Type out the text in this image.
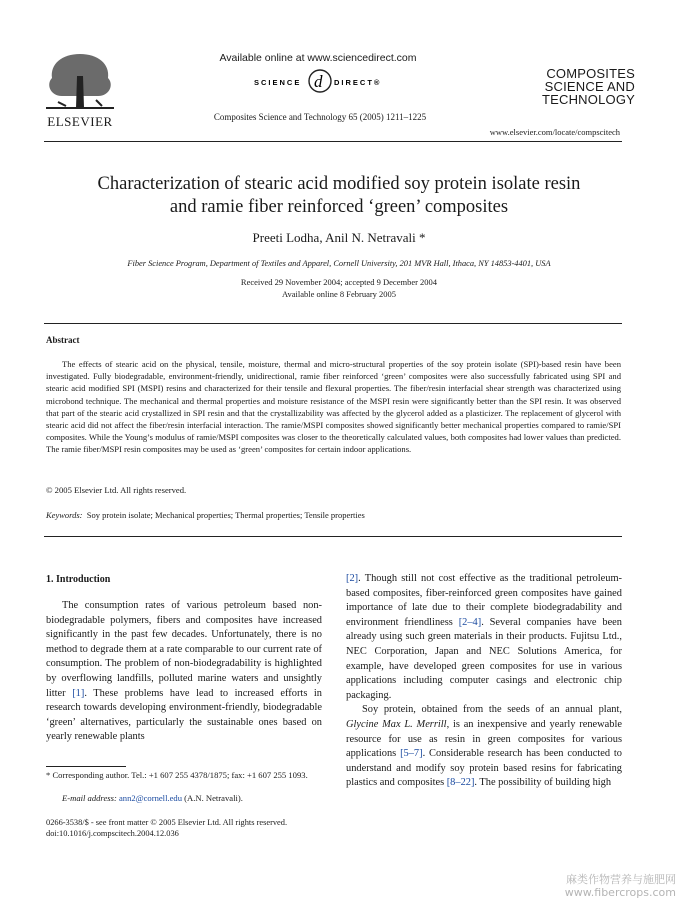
ELSEVIER
Available online at www.sciencedirect.com
SCIENCE d DIRECT®
Composites Science and Technology 65 (2005) 1211–1225
COMPOSITES
SCIENCE AND
TECHNOLOGY
www.elsevier.com/locate/compscitech
Characterization of stearic acid modified soy protein isolate resin
and ramie fiber reinforced ‘green’ composites
Preeti Lodha, Anil N. Netravali *
Fiber Science Program, Department of Textiles and Apparel, Cornell University, 201 MVR Hall, Ithaca, NY 14853-4401, USA
Received 29 November 2004; accepted 9 December 2004
Available online 8 February 2005
Abstract
The effects of stearic acid on the physical, tensile, moisture, thermal and micro-structural properties of the soy protein isolate (SPI)-based resin have been investigated. Fully biodegradable, environment-friendly, unidirectional, ramie fiber reinforced ‘green’ composites were also successfully fabricated using SPI and stearic acid modified SPI (MSPI) resins and characterized for their tensile and flexural properties. The fiber/resin interfacial shear strength was characterized using microbond technique. The mechanical and thermal properties and moisture resistance of the MSPI resin were significantly better than the SPI resin. It was observed that part of the stearic acid crystallized in SPI resin and that the crystallizability was affected by the glycerol added as a plasticizer. The replacement of glycerol with stearic acid did not affect the fiber/resin interfacial interaction. The ramie/MSPI composites showed significantly better mechanical properties compared to ramie/SPI composites. While the Young’s modulus of ramie/MSPI composites was closer to the theoretically calculated values, both composites had lower values than predicted. The ramie fiber/MSPI resin composites may be used as ‘green’ composites for certain indoor applications.
© 2005 Elsevier Ltd. All rights reserved.
Keywords: Soy protein isolate; Mechanical properties; Thermal properties; Tensile properties
1. Introduction
The consumption rates of various petroleum based non-biodegradable polymers, fibers and composites have increased significantly in the past few decades. Unfortunately, there is no method to degrade them at a rate comparable to our current rate of consumption. The problem of non-biodegradability is highlighted by overflowing landfills, polluted marine waters and unsightly litter [1]. These problems have lead to increased efforts in research towards developing environment-friendly, biodegradable ‘green’ alternatives, particularly the sustainable ones based on yearly renewable plants

[2]. Though still not cost effective as the traditional petroleum-based composites, fiber-reinforced green composites have gained importance of late due to their complete biodegradability and environment friendliness [2–4]. Several companies have been already using such green materials in their products. Fujitsu Ltd., NEC Corporation, Japan and NEC Solutions America, for example, have developed green composites for use in various applications including computer casings and electronic chip packaging.

Soy protein, obtained from the seeds of an annual plant, Glycine Max L. Merrill, is an inexpensive and yearly renewable resource for use as resin in green composites for various applications [5–7]. Considerable research has been conducted to understand and modify soy protein based resins for fabricating plastics and composites [8–22]. The possibility of building high

* Corresponding author. Tel.: +1 607 255 4378/1875; fax: +1 607 255 1093.
E-mail address: ann2@cornell.edu (A.N. Netravali).
0266-3538/$ - see front matter © 2005 Elsevier Ltd. All rights reserved.
doi:10.1016/j.compscitech.2004.12.036
麻类作物营养与施肥网
www.fibercrops.com
